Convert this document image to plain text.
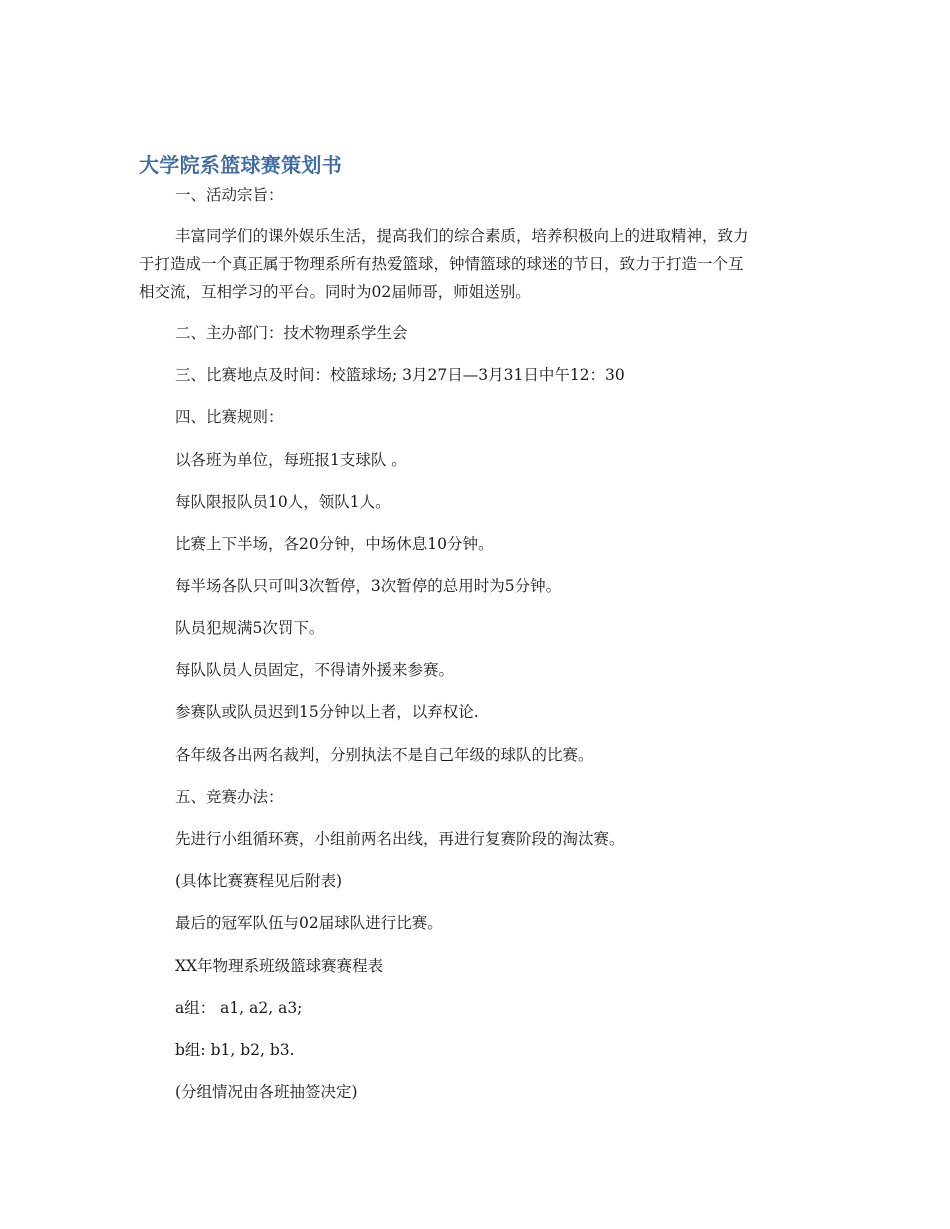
大学院系篮球赛策划书

一、活动宗旨：

丰富同学们的课外娱乐生活，提高我们的综合素质，培养积极向上的进取精神，致力
于打造成一个真正属于物理系所有热爱篮球，钟情篮球的球迷的节日，致力于打造一个互
相交流，互相学习的平台。同时为02届师哥，师姐送别。

二、主办部门：技术物理系学生会

三、比赛地点及时间：校篮球场; 3月27日—3月31日中午12：30

四、比赛规则：

以各班为单位，每班报1支球队 。

每队限报队员10人，领队1人。

比赛上下半场，各20分钟，中场休息10分钟。

每半场各队只可叫3次暂停，3次暂停的总用时为5分钟。

队员犯规满5次罚下。

每队队员人员固定，不得请外援来参赛。

参赛队或队员迟到15分钟以上者，以弃权论.

各年级各出两名裁判，分别执法不是自己年级的球队的比赛。

五、竞赛办法：

先进行小组循环赛，小组前两名出线，再进行复赛阶段的淘汰赛。

(具体比赛赛程见后附表)

最后的冠军队伍与02届球队进行比赛。

XX年物理系班级篮球赛赛程表

a组： a1, a2, a3;

b组: b1, b2, b3.

(分组情况由各班抽签决定)
